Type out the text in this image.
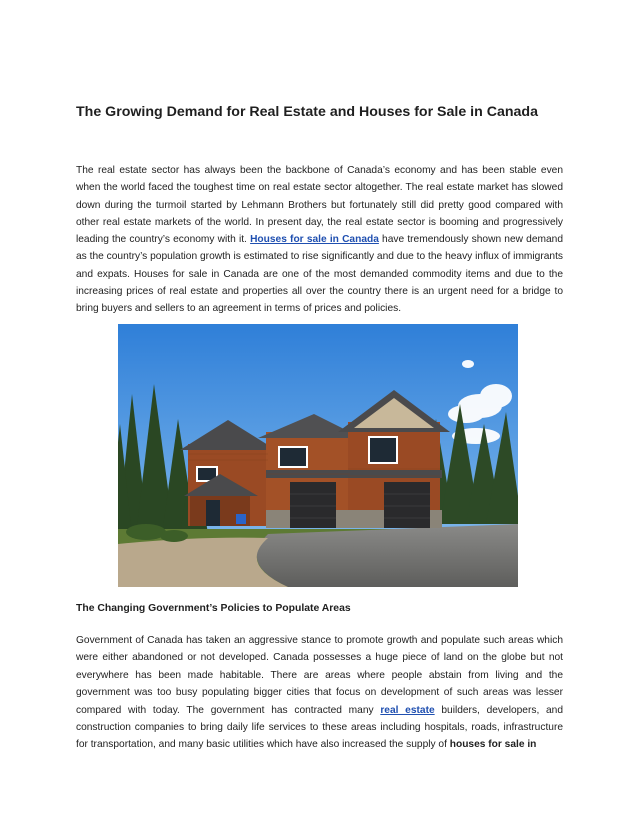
The Growing Demand for Real Estate and Houses for Sale in Canada

The real estate sector has always been the backbone of Canada’s economy and has been stable even when the world faced the toughest time on real estate sector altogether. The real estate market has slowed down during the turmoil started by Lehmann Brothers but fortunately still did pretty good compared with other real estate markets of the world. In present day, the real estate sector is booming and progressively leading the country’s economy with it. Houses for sale in Canada have tremendously shown new demand as the country’s population growth is estimated to rise significantly and due to the heavy influx of immigrants and expats. Houses for sale in Canada are one of the most demanded commodity items and due to the increasing prices of real estate and properties all over the country there is an urgent need for a bridge to bring buyers and sellers to an agreement in terms of prices and policies.

The Changing Government’s Policies to Populate Areas

Government of Canada has taken an aggressive stance to promote growth and populate such areas which were either abandoned or not developed. Canada possesses a huge piece of land on the globe but not everywhere has been made habitable. There are areas where people abstain from living and the government was too busy populating bigger cities that focus on development of such areas was lesser compared with today. The government has contracted many real estate builders, developers, and construction companies to bring daily life services to these areas including hospitals, roads, infrastructure for transportation, and many basic utilities which have also increased the supply of houses for sale in
